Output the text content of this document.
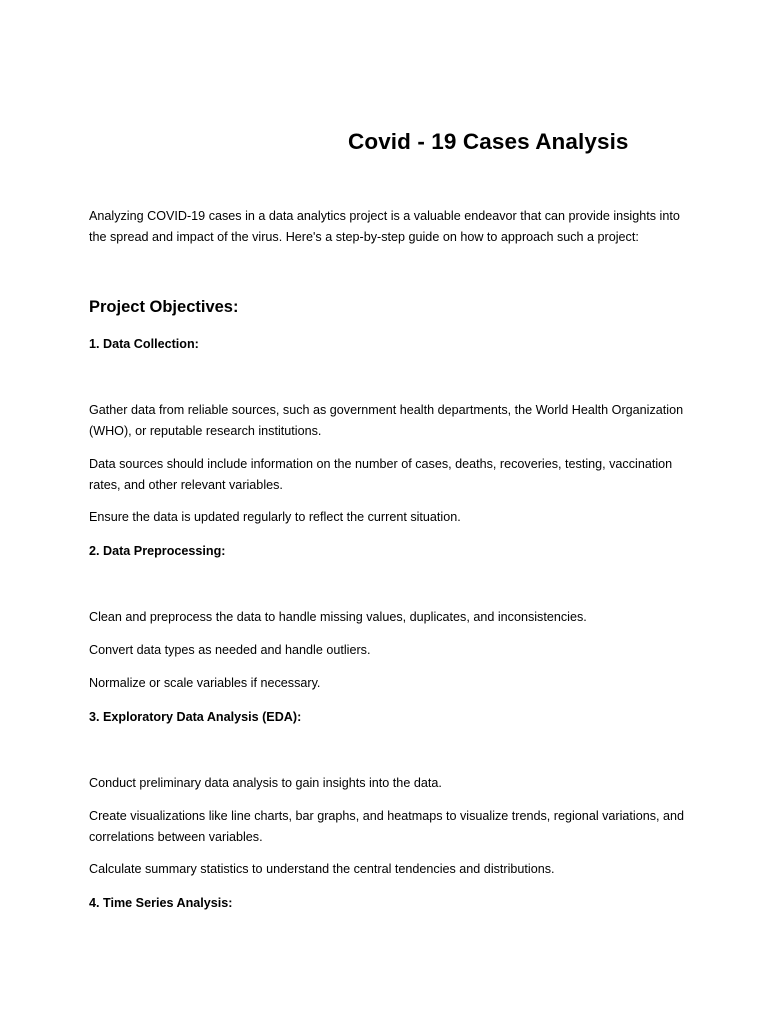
Covid - 19 Cases Analysis

Analyzing COVID-19 cases in a data analytics project is a valuable endeavor that can provide insights into the spread and impact of the virus. Here's a step-by-step guide on how to approach such a project:

Project Objectives:
1. Data Collection:

Gather data from reliable sources, such as government health departments, the World Health Organization (WHO), or reputable research institutions.

Data sources should include information on the number of cases, deaths, recoveries, testing, vaccination rates, and other relevant variables.

Ensure the data is updated regularly to reflect the current situation.

2. Data Preprocessing:

Clean and preprocess the data to handle missing values, duplicates, and inconsistencies.

Convert data types as needed and handle outliers.

Normalize or scale variables if necessary.

3. Exploratory Data Analysis (EDA):

Conduct preliminary data analysis to gain insights into the data.

Create visualizations like line charts, bar graphs, and heatmaps to visualize trends, regional variations, and correlations between variables.

Calculate summary statistics to understand the central tendencies and distributions.

4. Time Series Analysis:
